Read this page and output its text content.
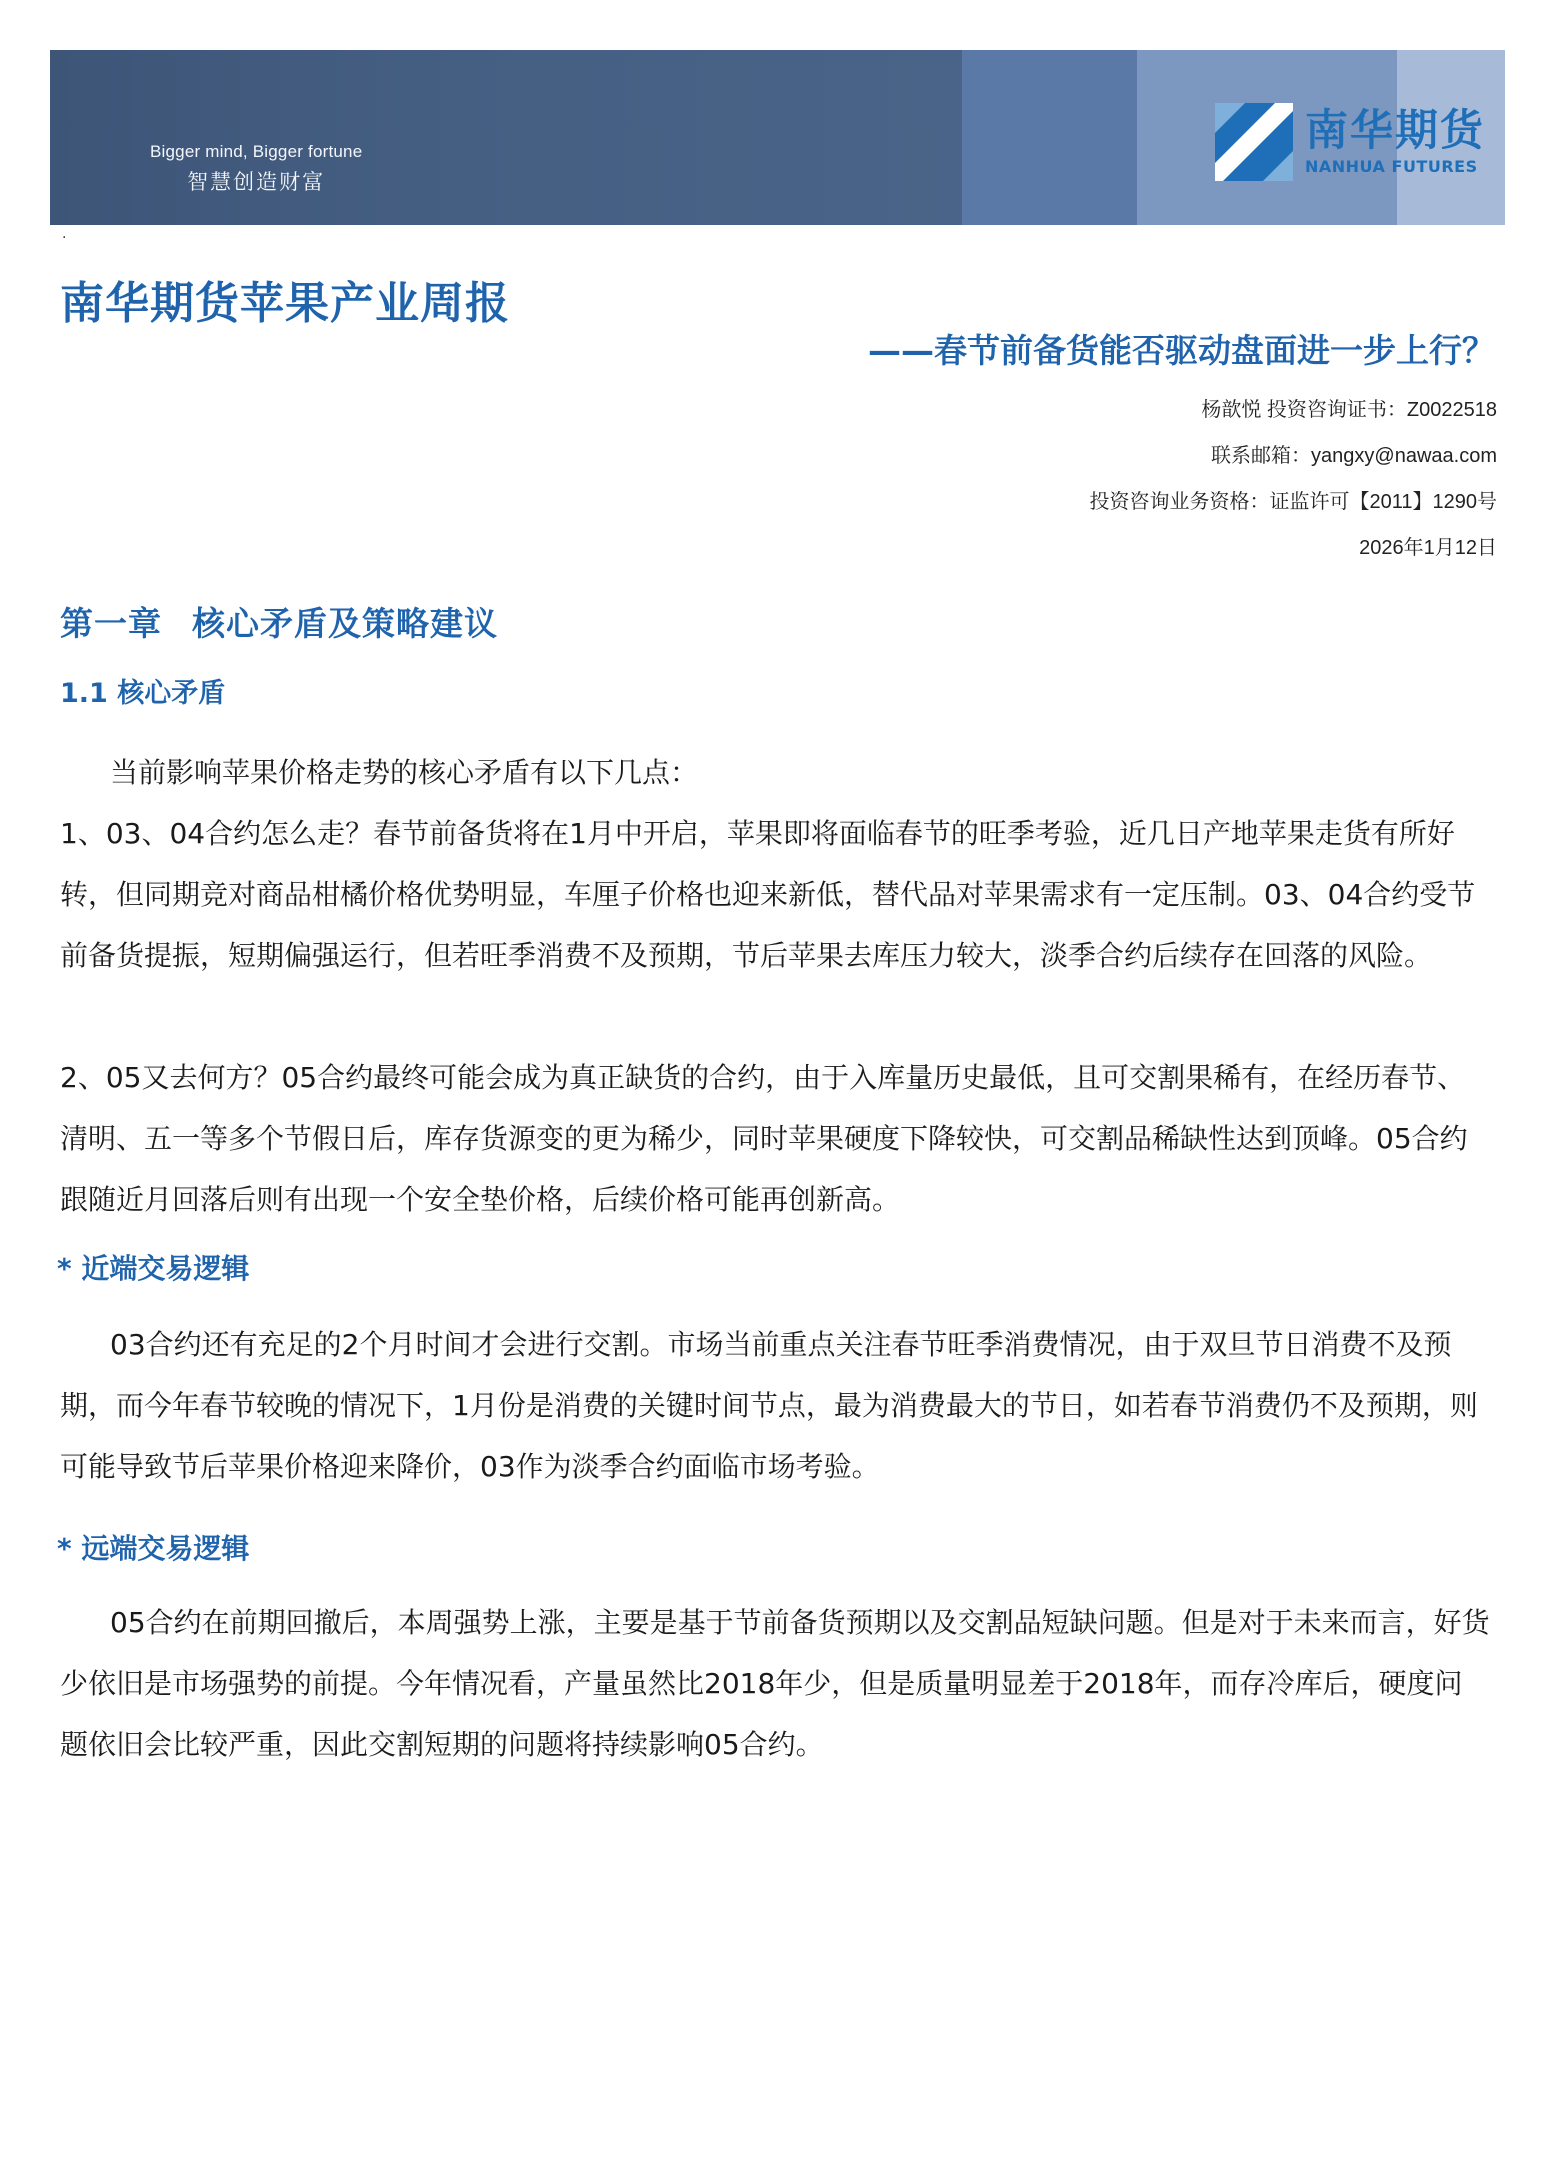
Bigger mind, Bigger fortune
智慧创造财富
南华期货
NANHUA FUTURES
·
南华期货苹果产业周报
——春节前备货能否驱动盘面进一步上行？
杨歆悦 投资咨询证书：Z0022518
联系邮箱：yangxy@nawaa.com
投资咨询业务资格：证监许可【2011】1290号
2026年1月12日
第一章 核心矛盾及策略建议
1.1 核心矛盾

当前影响苹果价格走势的核心矛盾有以下几点：

1、03、04合约怎么走？春节前备货将在1月中开启，苹果即将面临春节的旺季考验，近几日产地苹果走货有所好转，但同期竞对商品柑橘价格优势明显，车厘子价格也迎来新低，替代品对苹果需求有一定压制。03、04合约受节前备货提振，短期偏强运行，但若旺季消费不及预期，节后苹果去库压力较大，淡季合约后续存在回落的风险。

2、05又去何方？05合约最终可能会成为真正缺货的合约，由于入库量历史最低，且可交割果稀有，在经历春节、清明、五一等多个节假日后，库存货源变的更为稀少，同时苹果硬度下降较快，可交割品稀缺性达到顶峰。05合约跟随近月回落后则有出现一个安全垫价格，后续价格可能再创新高。

* 近端交易逻辑

03合约还有充足的2个月时间才会进行交割。市场当前重点关注春节旺季消费情况，由于双旦节日消费不及预期，而今年春节较晚的情况下，1月份是消费的关键时间节点，最为消费最大的节日，如若春节消费仍不及预期，则可能导致节后苹果价格迎来降价，03作为淡季合约面临市场考验。

* 远端交易逻辑

05合约在前期回撤后，本周强势上涨，主要是基于节前备货预期以及交割品短缺问题。但是对于未来而言，好货少依旧是市场强势的前提。今年情况看，产量虽然比2018年少，但是质量明显差于2018年，而存冷库后，硬度问题依旧会比较严重，因此交割短期的问题将持续影响05合约。
